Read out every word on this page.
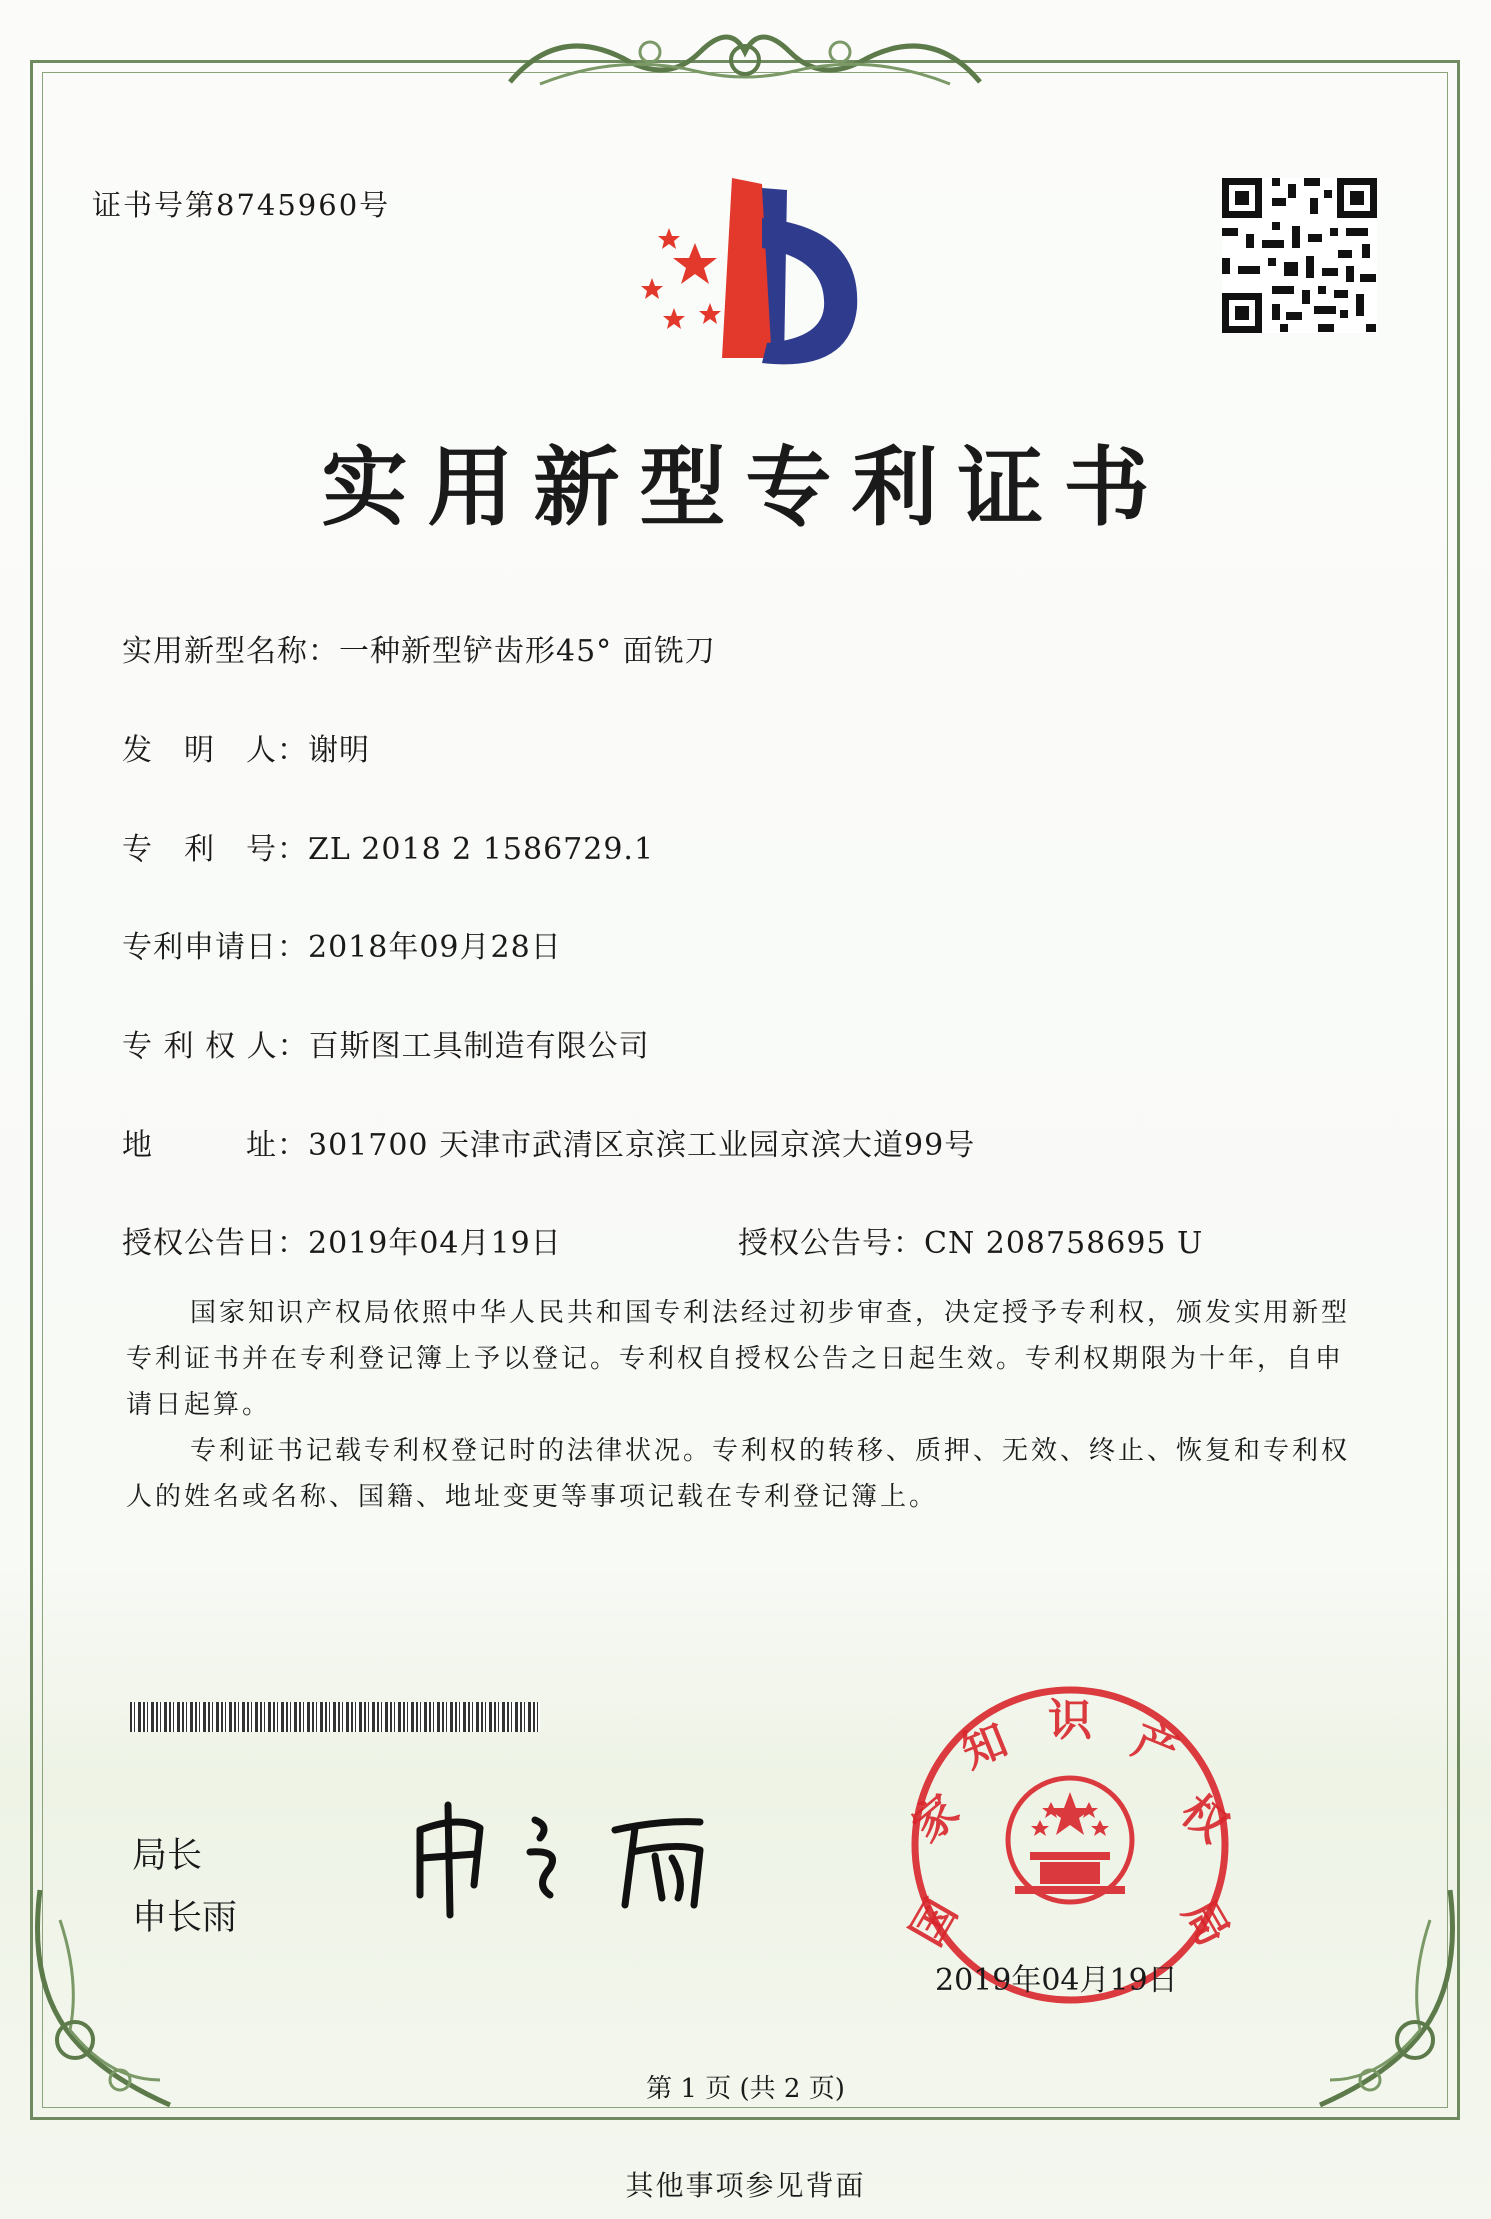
证书号第8745960号
实用新型专利证书
实用新型名称：一种新型铲齿形45° 面铣刀
发　明　人：谢明
专　利　号：ZL 2018 2 1586729.1
专利申请日：2018年09月28日
专 利 权 人：百斯图工具制造有限公司
地　　　址：301700 天津市武清区京滨工业园京滨大道99号
授权公告日：2019年04月19日	授权公告号：CN 208758695 U

国家知识产权局依照中华人民共和国专利法经过初步审查，决定授予专利权，颁发实用新型专利证书并在专利登记簿上予以登记。专利权自授权公告之日起生效。专利权期限为十年，自申请日起算。

专利证书记载专利权登记时的法律状况。专利权的转移、质押、无效、终止、恢复和专利权人的姓名或名称、国籍、地址变更等事项记载在专利登记簿上。

局长
申长雨	国
家
知 识 产
权
局
2019年04月19日
第 1 页 (共 2 页)
其他事项参见背面
